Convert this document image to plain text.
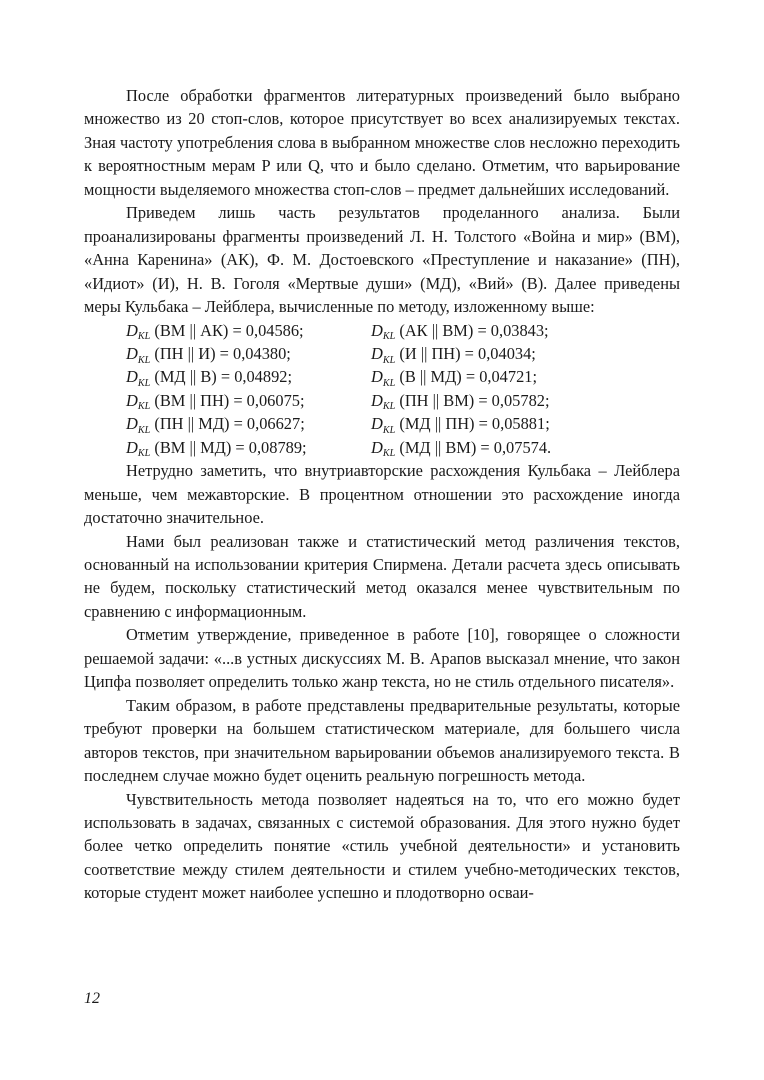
После обработки фрагментов литературных произведений было выбрано множество из 20 стоп-слов, которое присутствует во всех анализируемых текстах. Зная частоту употребления слова в выбранном множестве слов несложно переходить к вероятностным мерам P или Q, что и было сделано. Отметим, что варьирование мощности выделяемого множества стоп-слов – предмет дальнейших исследований.

Приведем лишь часть результатов проделанного анализа. Были проанализированы фрагменты произведений Л. Н. Толстого «Война и мир» (ВМ), «Анна Каренина» (АК), Ф. М. Достоевского «Преступление и наказание» (ПН), «Идиот» (И), Н. В. Гоголя «Мертвые души» (МД), «Вий» (В). Далее приведены меры Кульбака – Лейблера, вычисленные по методу, изложенному выше:

$D_{KL}$ (ВМ || АК) = 0,04586;	$D_{KL}$ (АК || ВМ) = 0,03843;
$D_{KL}$ (ПН || И) = 0,04380;	$D_{KL}$ (И || ПН) = 0,04034;
$D_{KL}$ (МД || В) = 0,04892;	$D_{KL}$ (В || МД) = 0,04721;
$D_{KL}$ (ВМ || ПН) = 0,06075;	$D_{KL}$ (ПН || ВМ) = 0,05782;
$D_{KL}$ (ПН || МД) = 0,06627;	$D_{KL}$ (МД || ПН) = 0,05881;
$D_{KL}$ (ВМ || МД) = 0,08789;	$D_{KL}$ (МД || ВМ) = 0,07574.

Нетрудно заметить, что внутриавторские расхождения Кульбака – Лейблера меньше, чем межавторские. В процентном отношении это расхождение иногда достаточно значительное.

Нами был реализован также и статистический метод различения текстов, основанный на использовании критерия Спирмена. Детали расчета здесь описывать не будем, поскольку статистический метод оказался менее чувствительным по сравнению с информационным.

Отметим утверждение, приведенное в работе [10], говорящее о сложности решаемой задачи: «...в устных дискуссиях М. В. Арапов высказал мнение, что закон Ципфа позволяет определить только жанр текста, но не стиль отдельного писателя».

Таким образом, в работе представлены предварительные результаты, которые требуют проверки на большем статистическом материале, для большего числа авторов текстов, при значительном варьировании объемов анализируемого текста. В последнем случае можно будет оценить реальную погрешность метода.

Чувствительность метода позволяет надеяться на то, что его можно будет использовать в задачах, связанных с системой образования. Для этого нужно будет более четко определить понятие «стиль учебной деятельности» и установить соответствие между стилем деятельности и стилем учебно-методических текстов, которые студент может наиболее успешно и плодотворно осваи-

12
